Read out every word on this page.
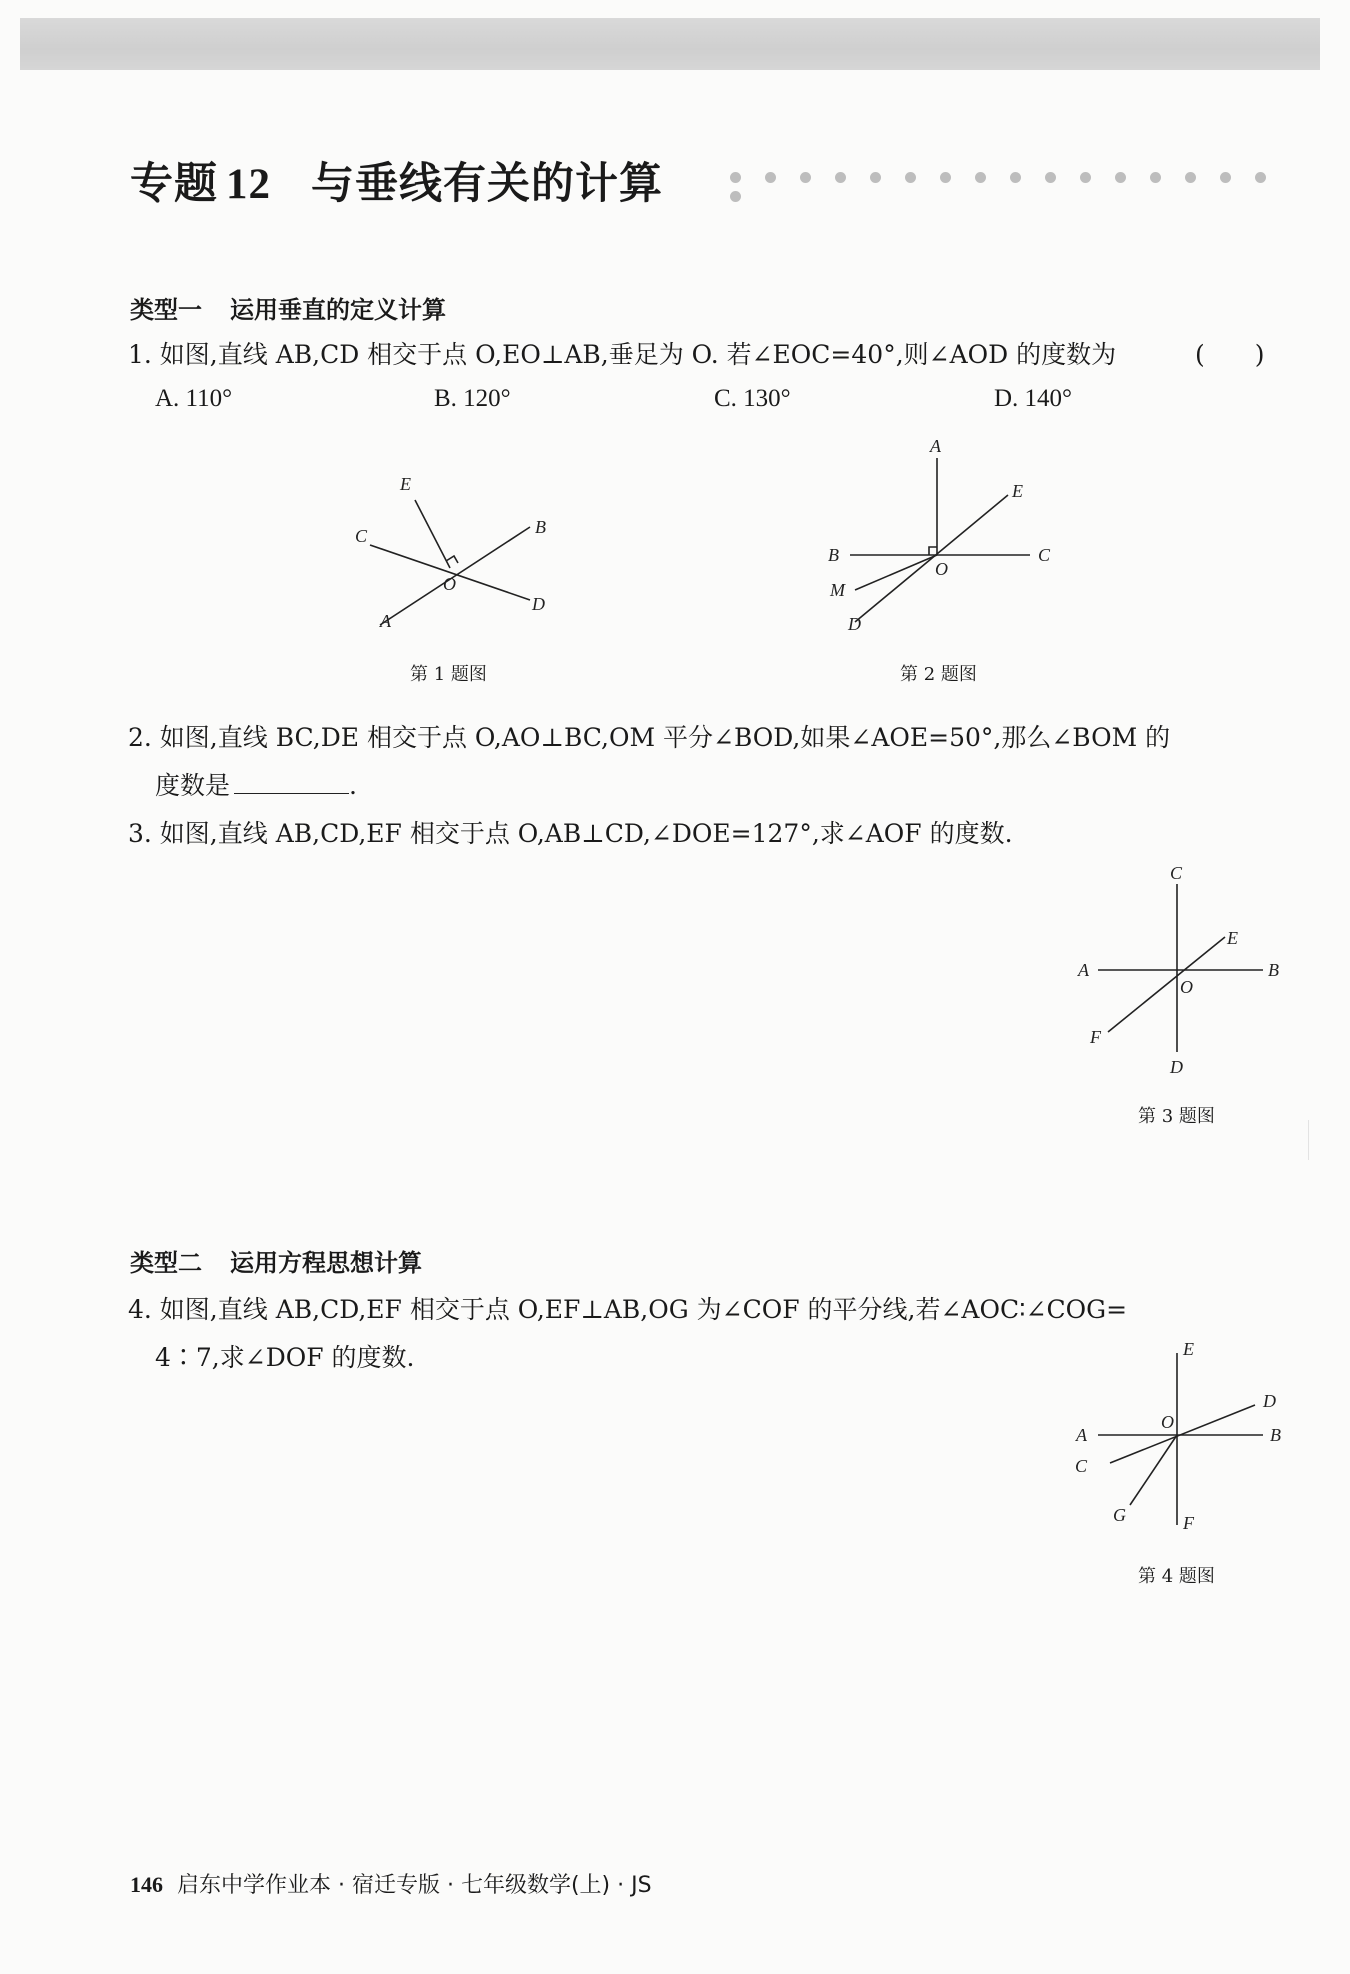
专题 12 与垂线有关的计算
类型一 运用垂直的定义计算
1. 如图,直线 AB,CD 相交于点 O,EO⊥AB,垂足为 O. 若∠EOC=40°,则∠AOD 的度数为	(　　)
A. 110°	B. 120°	C. 130°	D. 140°
E
C	B
O
D
A
第 1 题图
A
E
B
O
C
M
D
第 2 题图
2. 如图,直线 BC,DE 相交于点 O,AO⊥BC,OM 平分∠BOD,如果∠AOE=50°,那么∠BOM 的
度数是	.
3. 如图,直线 AB,CD,EF 相交于点 O,AB⊥CD,∠DOE=127°,求∠AOF 的度数.
C
E
A
O
B
F
D
第 3 题图
类型二 运用方程思想计算
4. 如图,直线 AB,CD,EF 相交于点 O,EF⊥AB,OG 为∠COF 的平分线,若∠AOC∶∠COG=
4∶7,求∠DOF 的度数.	E
D
A
O
B
C
G	F
第 4 题图
146 启东中学作业本 · 宿迁专版 · 七年级数学(上) · JS
